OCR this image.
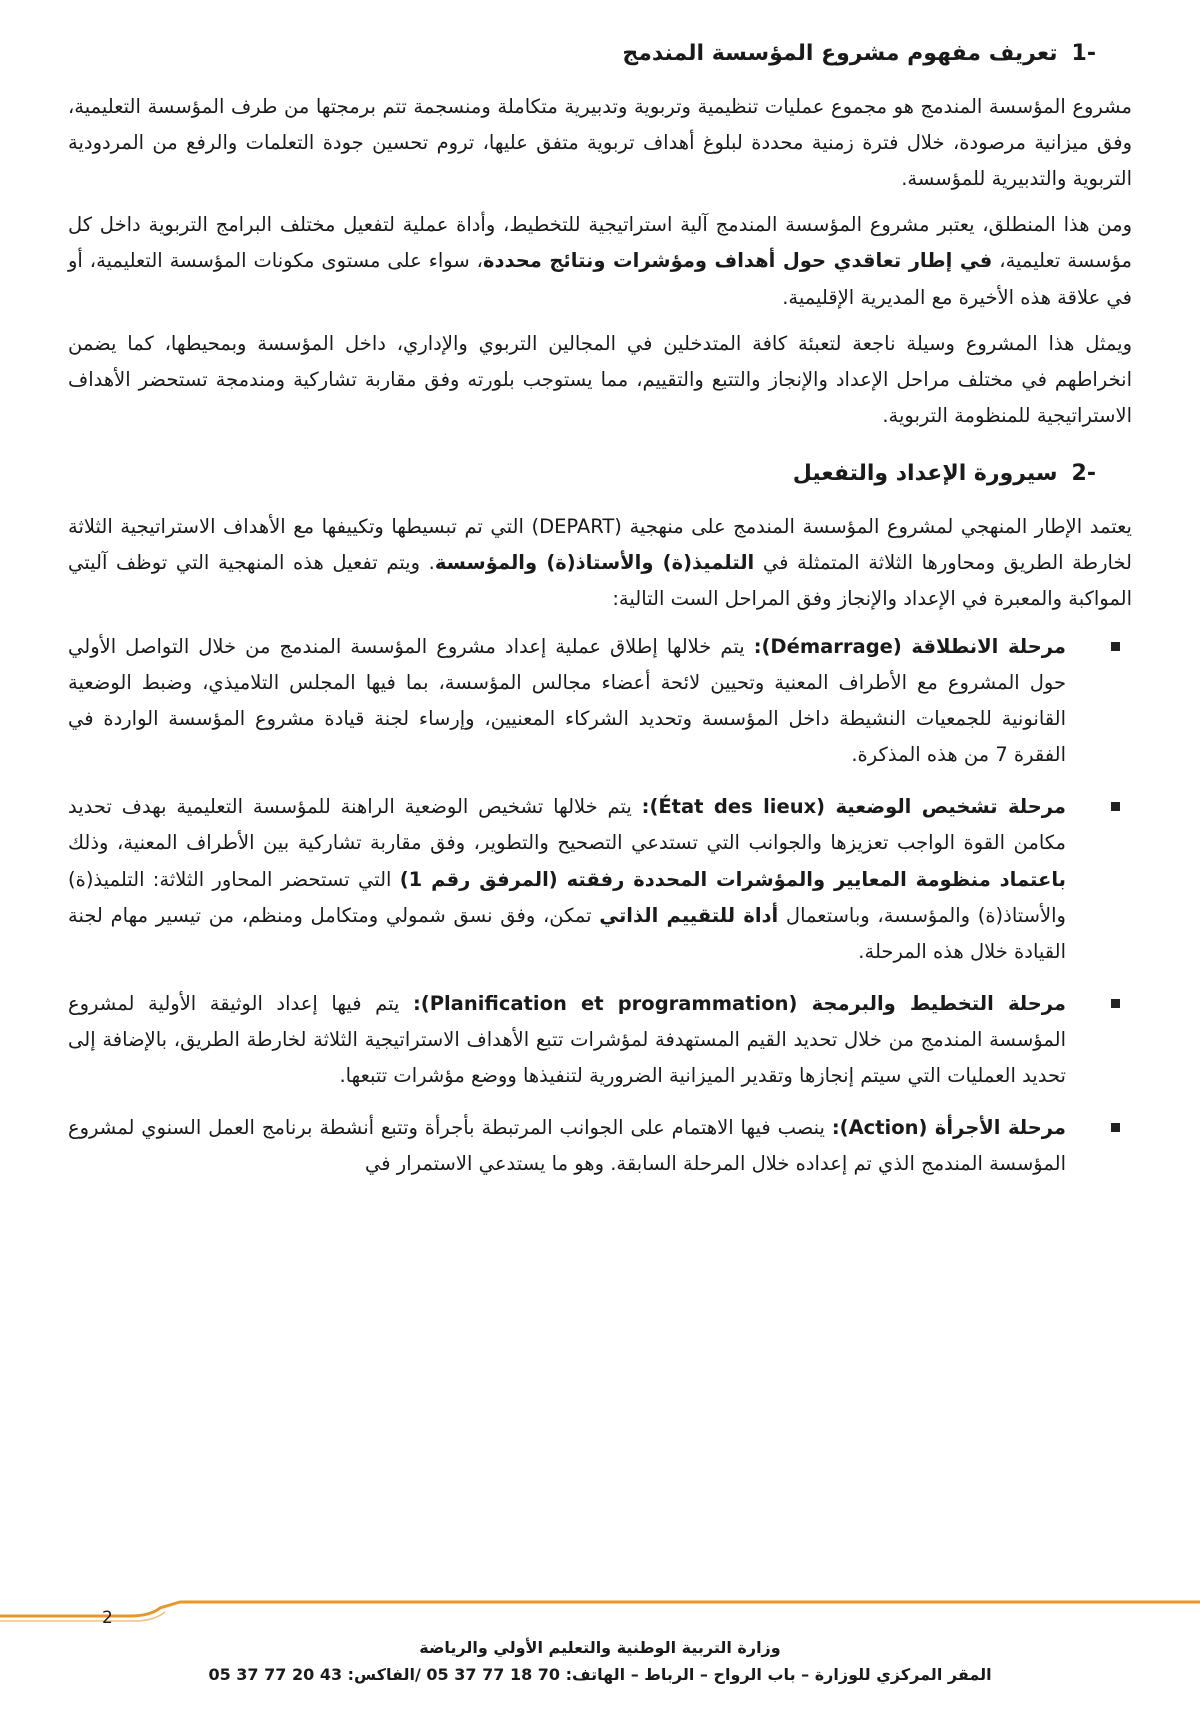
-1تعريف مفهوم مشروع المؤسسة المندمج

مشروع المؤسسة المندمج هو مجموع عمليات تنظيمية وتربوية وتدبيرية متكاملة ومنسجمة تتم برمجتها من طرف المؤسسة التعليمية، وفق ميزانية مرصودة، خلال فترة زمنية محددة لبلوغ أهداف تربوية متفق عليها، تروم تحسين جودة التعلمات والرفع من المردودية التربوية والتدبيرية للمؤسسة.

ومن هذا المنطلق، يعتبر مشروع المؤسسة المندمج آلية استراتيجية للتخطيط، وأداة عملية لتفعيل مختلف البرامج التربوية داخل كل مؤسسة تعليمية، في إطار تعاقدي حول أهداف ومؤشرات ونتائج محددة، سواء على مستوى مكونات المؤسسة التعليمية، أو في علاقة هذه الأخيرة مع المديرية الإقليمية.

ويمثل هذا المشروع وسيلة ناجعة لتعبئة كافة المتدخلين في المجالين التربوي والإداري، داخل المؤسسة وبمحيطها، كما يضمن انخراطهم في مختلف مراحل الإعداد والإنجاز والتتبع والتقييم، مما يستوجب بلورته وفق مقاربة تشاركية ومندمجة تستحضر الأهداف الاستراتيجية للمنظومة التربوية.

-2سيرورة الإعداد والتفعيل

يعتمد الإطار المنهجي لمشروع المؤسسة المندمج على منهجية (DEPART) التي تم تبسيطها وتكييفها مع الأهداف الاستراتيجية الثلاثة لخارطة الطريق ومحاورها الثلاثة المتمثلة في التلميذ(ة) والأستاذ(ة) والمؤسسة. ويتم تفعيل هذه المنهجية التي توظف آليتي المواكبة والمعبرة في الإعداد والإنجاز وفق المراحل الست التالية:

مرحلة الانطلاقة (Démarrage): يتم خلالها إطلاق عملية إعداد مشروع المؤسسة المندمج من خلال التواصل الأولي حول المشروع مع الأطراف المعنية وتحيين لائحة أعضاء مجالس المؤسسة، بما فيها المجلس التلاميذي، وضبط الوضعية القانونية للجمعيات النشيطة داخل المؤسسة وتحديد الشركاء المعنيين، وإرساء لجنة قيادة مشروع المؤسسة الواردة في الفقرة 7 من هذه المذكرة.
مرحلة تشخيص الوضعية (État des lieux): يتم خلالها تشخيص الوضعية الراهنة للمؤسسة التعليمية بهدف تحديد مكامن القوة الواجب تعزيزها والجوانب التي تستدعي التصحيح والتطوير، وفق مقاربة تشاركية بين الأطراف المعنية، وذلك باعتماد منظومة المعايير والمؤشرات المحددة رفقته (المرفق رقم 1) التي تستحضر المحاور الثلاثة: التلميذ(ة) والأستاذ(ة) والمؤسسة، وباستعمال أداة للتقييم الذاتي تمكن، وفق نسق شمولي ومتكامل ومنظم، من تيسير مهام لجنة القيادة خلال هذه المرحلة.
مرحلة التخطيط والبرمجة (Planification et programmation): يتم فيها إعداد الوثيقة الأولية لمشروع المؤسسة المندمج من خلال تحديد القيم المستهدفة لمؤشرات تتبع الأهداف الاستراتيجية الثلاثة لخارطة الطريق، بالإضافة إلى تحديد العمليات التي سيتم إنجازها وتقدير الميزانية الضرورية لتنفيذها ووضع مؤشرات تتبعها.
مرحلة الأجرأة (Action): ينصب فيها الاهتمام على الجوانب المرتبطة بأجرأة وتتبع أنشطة برنامج العمل السنوي لمشروع المؤسسة المندمج الذي تم إعداده خلال المرحلة السابقة. وهو ما يستدعي الاستمرار في
2
وزارة التربية الوطنية والتعليم الأولي والرياضة
المقر المركزي للوزارة – باب الرواح – الرباط – الهاتف: 70 18 77 37 05 /الفاكس: 43 20 77 37 05
